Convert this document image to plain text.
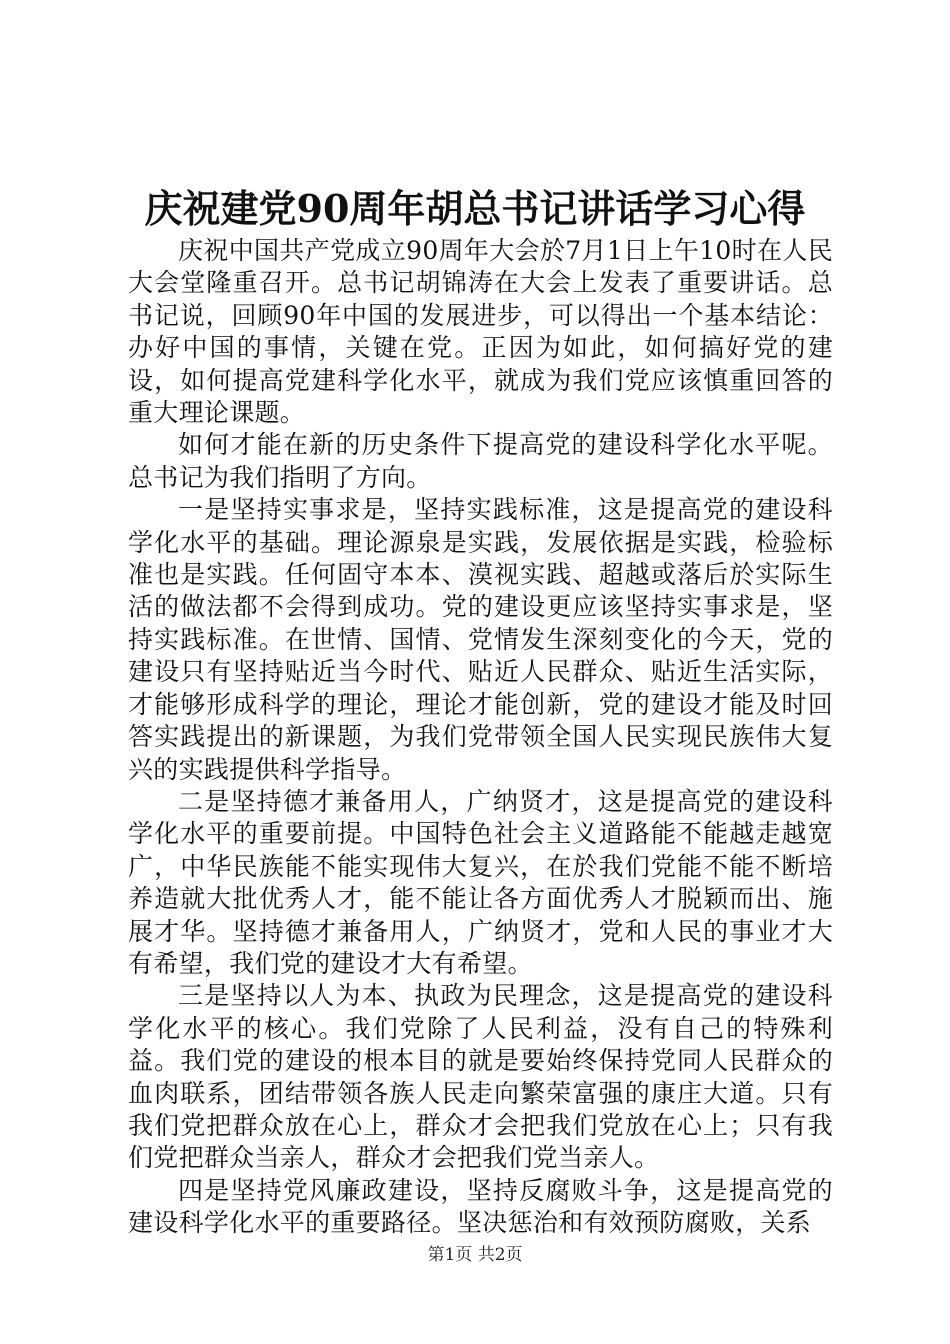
庆祝建党90周年胡总书记讲话学习心得

庆祝中国共产党成立90周年大会於7月1日上午10时在人民大会堂隆重召开。总书记胡锦涛在大会上发表了重要讲话。总书记说，回顾90年中国的发展进步，可以得出一个基本结论：办好中国的事情，关键在党。正因为如此，如何搞好党的建设，如何提高党建科学化水平，就成为我们党应该慎重回答的重大理论课题。

如何才能在新的历史条件下提高党的建设科学化水平呢。总书记为我们指明了方向。

一是坚持实事求是，坚持实践标准，这是提高党的建设科学化水平的基础。理论源泉是实践，发展依据是实践，检验标准也是实践。任何固守本本、漠视实践、超越或落后於实际生活的做法都不会得到成功。党的建设更应该坚持实事求是，坚持实践标准。在世情、国情、党情发生深刻变化的今天，党的建设只有坚持贴近当今时代、贴近人民群众、贴近生活实际，才能够形成科学的理论，理论才能创新，党的建设才能及时回答实践提出的新课题，为我们党带领全国人民实现民族伟大复兴的实践提供科学指导。

二是坚持德才兼备用人，广纳贤才，这是提高党的建设科学化水平的重要前提。中国特色社会主义道路能不能越走越宽广，中华民族能不能实现伟大复兴，在於我们党能不能不断培养造就大批优秀人才，能不能让各方面优秀人才脱颖而出、施展才华。坚持德才兼备用人，广纳贤才，党和人民的事业才大有希望，我们党的建设才大有希望。

三是坚持以人为本、执政为民理念，这是提高党的建设科学化水平的核心。我们党除了人民利益，没有自己的特殊利益。我们党的建设的根本目的就是要始终保持党同人民群众的血肉联系，团结带领各族人民走向繁荣富强的康庄大道。只有我们党把群众放在心上，群众才会把我们党放在心上；只有我们党把群众当亲人，群众才会把我们党当亲人。

四是坚持党风廉政建设，坚持反腐败斗争，这是提高党的建设科学化水平的重要路径。坚决惩治和有效预防腐败，关系

第1页 共2页
